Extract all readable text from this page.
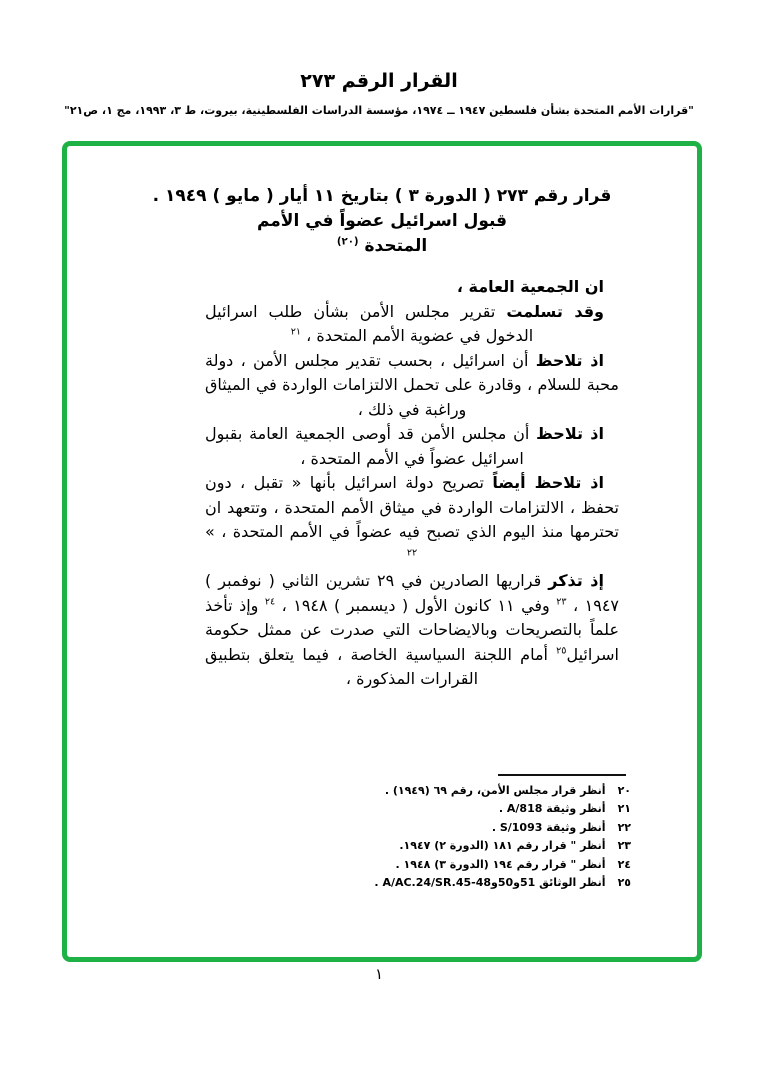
القرار الرقم ٢٧٣
"قرارات الأمم المتحدة بشأن فلسطين ١٩٤٧ ــ ١٩٧٤، مؤسسة الدراسات الفلسطينية، بيروت، ط ٣، ١٩٩٣، مج ١، ص٢١"
قرار رقم ٢٧٣ ( الدورة ٣ ) بتاريخ ١١ أيار ( مايو ) ١٩٤٩ .
قبول اسرائيل عضواً في الأمم
المتحدة $^{(٢٠)}$

ان الجمعية العامة ،

وقد تسلمت تقرير مجلس الأمن بشأن طلب اسرائيل الدخول في عضوية الأمم المتحدة ، $^{٢١}$

اذ تلاحظ أن اسرائيل ، بحسب تقدير مجلس الأمن ، دولة محبة للسلام ، وقادرة على تحمل الالتزامات الواردة في الميثاق وراغبة في ذلك ،

اذ تلاحظ أن مجلس الأمن قد أوصى الجمعية العامة بقبول اسرائيل عضواً في الأمم المتحدة ،

اذ تلاحظ أيضاً تصريح دولة اسرائيل بأنها « تقبل ، دون تحفظ ، الالتزامات الواردة في ميثاق الأمم المتحدة ، وتتعهد ان تحترمها منذ اليوم الذي تصبح فيه عضواً في الأمم المتحدة ، » $^{٢٢}$

إذ تذكر قراريها الصادرين في ٢٩ تشرين الثاني ( نوفمبر ) ١٩٤٧ ، $^{٢٣}$ وفي ١١ كانون الأول ( ديسمبر ) ١٩٤٨ ، $^{٢٤}$ وإذ تأخذ علماً بالتصريحات وبالايضاحات التي صدرت عن ممثل حكومة اسرائيل$^{٢٥}$ أمام اللجنة السياسية الخاصة ، فيما يتعلق بتطبيق القرارات المذكورة ،

٢٠أنظر قرار مجلس الأمن، رقم ٦٩ (١٩٤٩) .
٢١أنظر وثيقة A/818 .
٢٢أنظر وثيقة S/1093 .
٢٣أنظر " قرار رقم ١٨١ (الدورة ٢) ١٩٤٧.
٢٤أنظر " قرار رقم ١٩٤ (الدورة ٣) ١٩٤٨ .
٢٥أنظر الوثائق A/AC.24/SR.45-48‎و‎50‎و‎51 .
١
